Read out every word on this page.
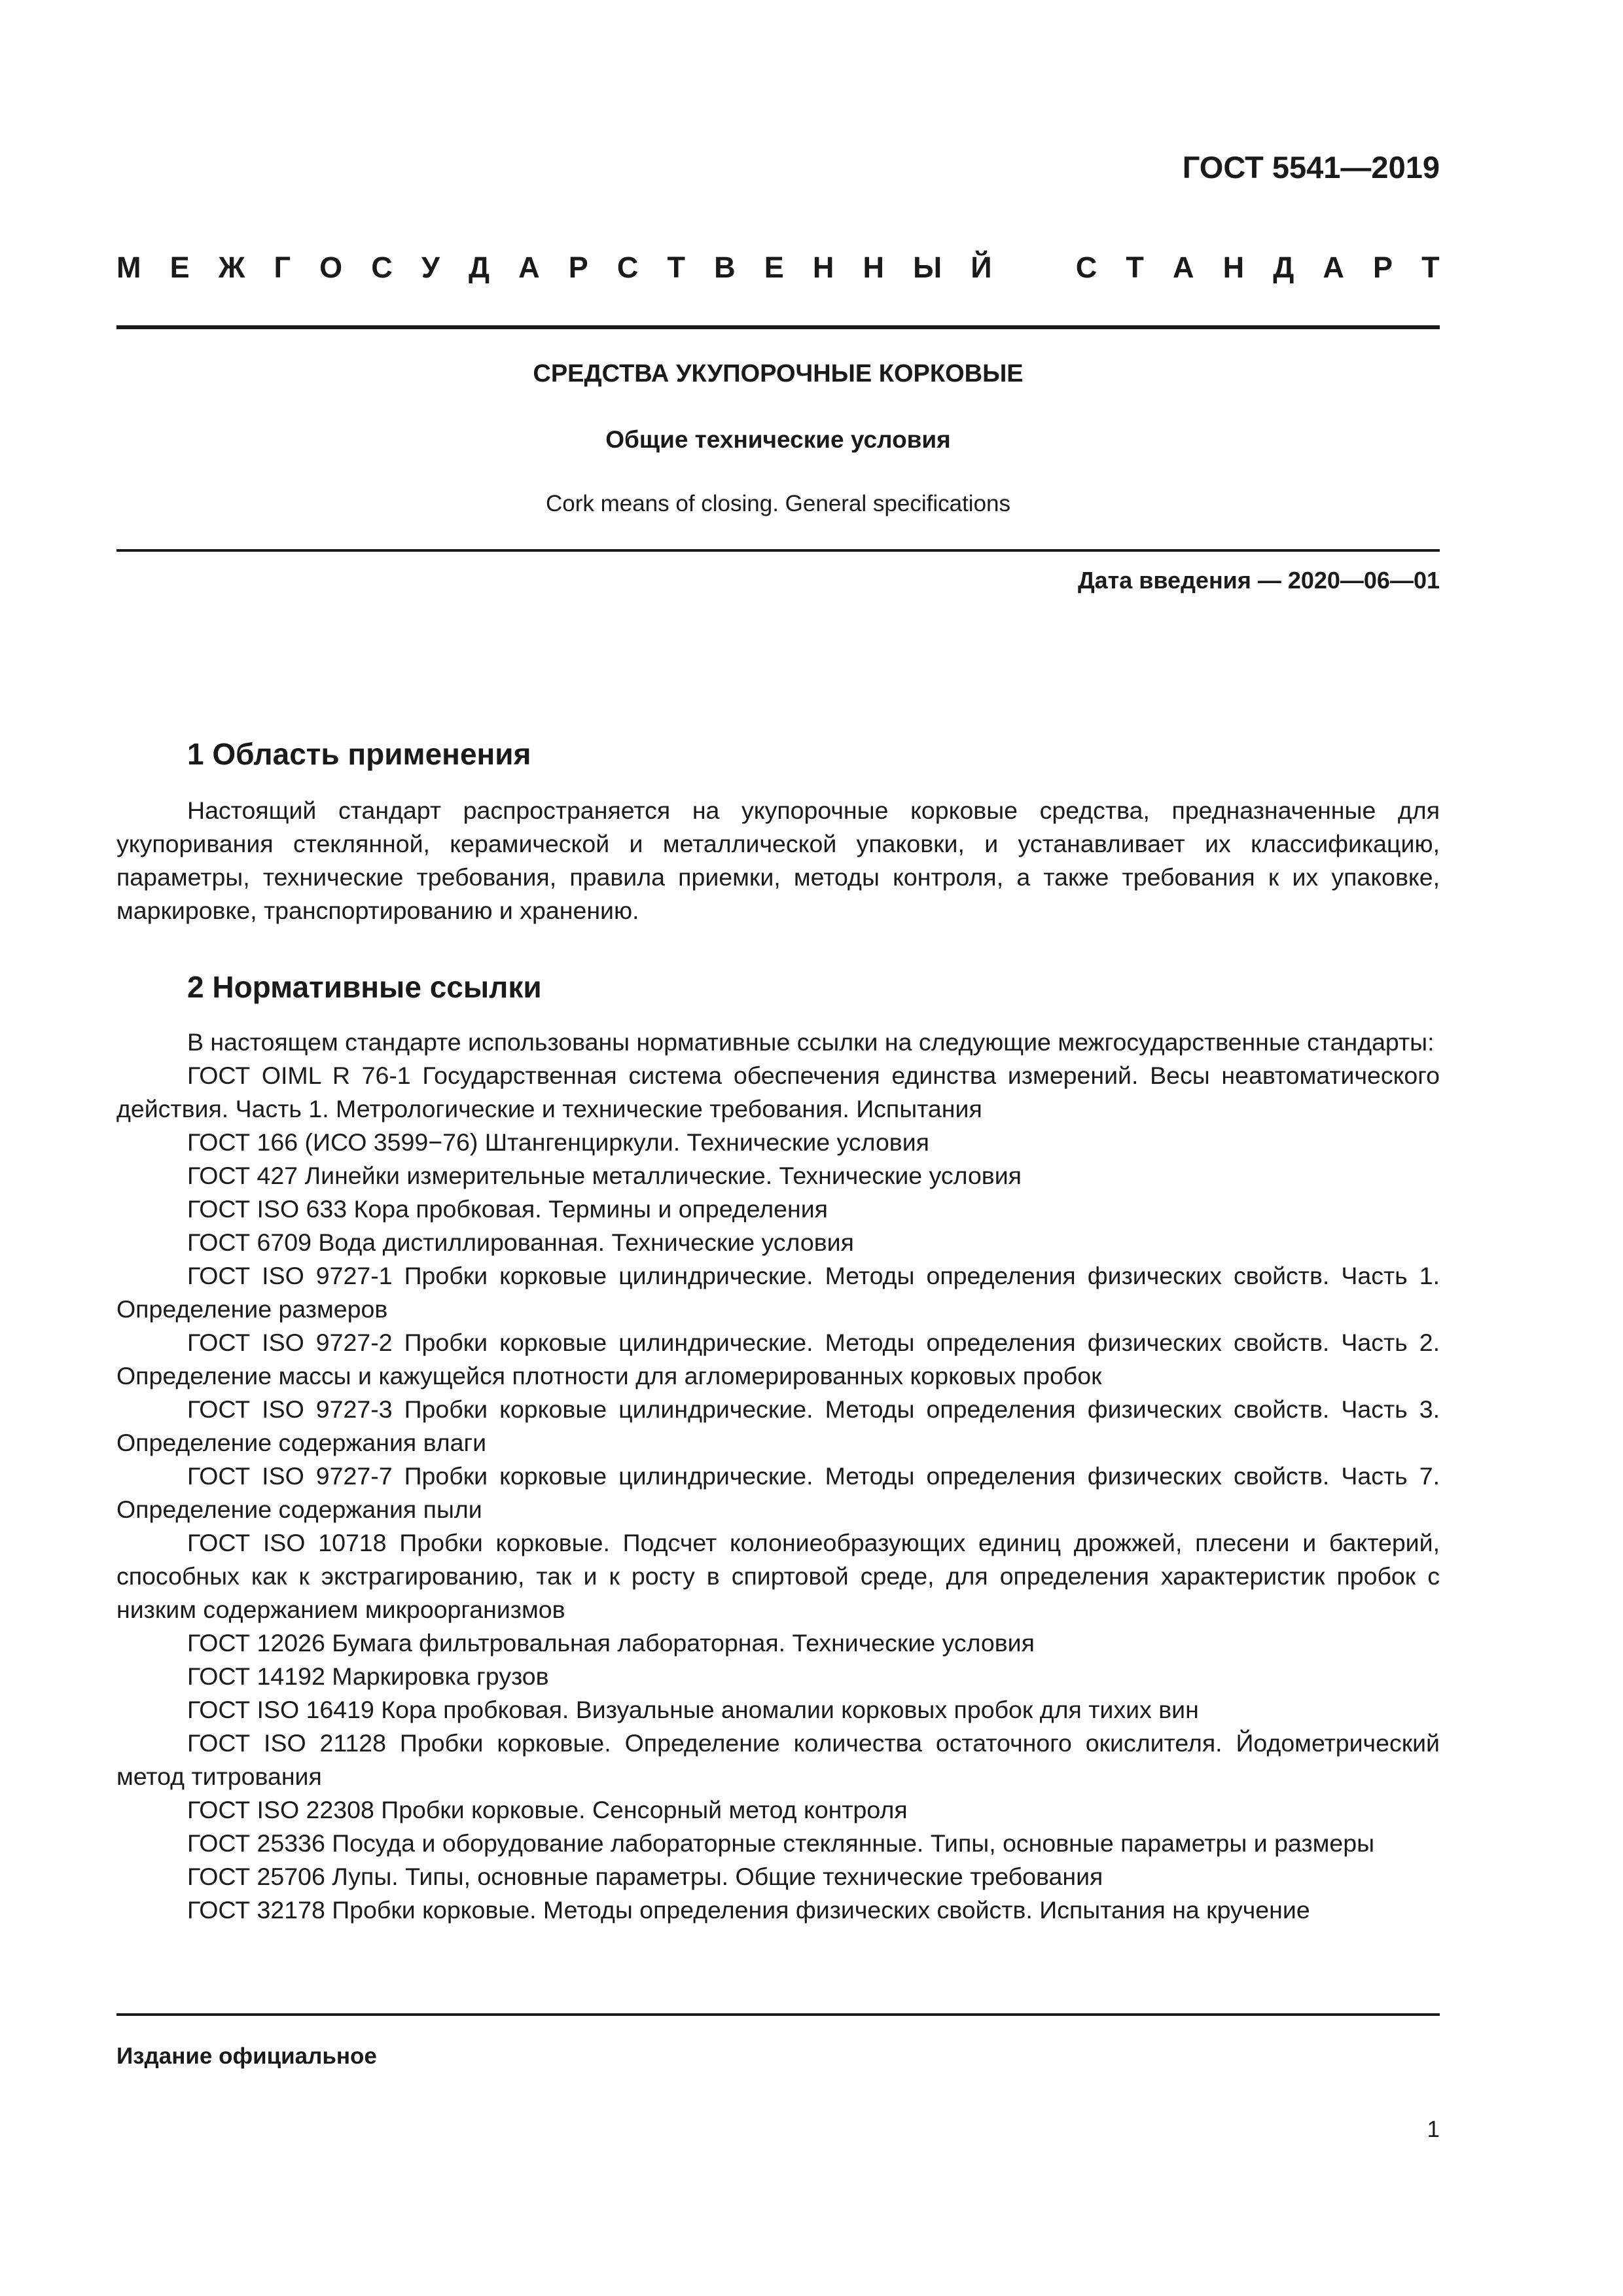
ГОСТ 5541—2019
М Е Ж Г О С У Д А Р С Т В Е Н Н Ы Й	С Т А Н Д А Р Т
СРЕДСТВА УКУПОРОЧНЫЕ КОРКОВЫЕ
Общие технические условия
Cork means of closing. General specifications
Дата введения — 2020—06—01
1 Область применения

Настоящий стандарт распространяется на укупорочные корковые средства, предназначенные для укупоривания стеклянной, керамической и металлической упаковки, и устанавливает их классификацию, параметры, технические требования, правила приемки, методы контроля, а также требования к их упаковке, маркировке, транспортированию и хранению.

2 Нормативные ссылки

В настоящем стандарте использованы нормативные ссылки на следующие межгосударственные стандарты:

ГОСТ OIML R 76-1 Государственная система обеспечения единства измерений. Весы неавтоматического действия. Часть 1. Метрологические и технические требования. Испытания

ГОСТ 166 (ИСО 3599−76) Штангенциркули. Технические условия

ГОСТ 427 Линейки измерительные металлические. Технические условия

ГОСТ ISO 633 Кора пробковая. Термины и определения

ГОСТ 6709 Вода дистиллированная. Технические условия

ГОСТ ISO 9727-1 Пробки корковые цилиндрические. Методы определения физических свойств. Часть 1. Определение размеров

ГОСТ ISO 9727-2 Пробки корковые цилиндрические. Методы определения физических свойств. Часть 2. Определение массы и кажущейся плотности для агломерированных корковых пробок

ГОСТ ISO 9727-3 Пробки корковые цилиндрические. Методы определения физических свойств. Часть 3. Определение содержания влаги

ГОСТ ISO 9727-7 Пробки корковые цилиндрические. Методы определения физических свойств. Часть 7. Определение содержания пыли

ГОСТ ISO 10718 Пробки корковые. Подсчет колониеобразующих единиц дрожжей, плесени и бактерий, способных как к экстрагированию, так и к росту в спиртовой среде, для определения характеристик пробок с низким содержанием микроорганизмов

ГОСТ 12026 Бумага фильтровальная лабораторная. Технические условия

ГОСТ 14192 Маркировка грузов

ГОСТ ISO 16419 Кора пробковая. Визуальные аномалии корковых пробок для тихих вин

ГОСТ ISO 21128 Пробки корковые. Определение количества остаточного окислителя. Йодометрический метод титрования

ГОСТ ISO 22308 Пробки корковые. Сенсорный метод контроля

ГОСТ 25336 Посуда и оборудование лабораторные стеклянные. Типы, основные параметры и размеры

ГОСТ 25706 Лупы. Типы, основные параметры. Общие технические требования

ГОСТ 32178 Пробки корковые. Методы определения физических свойств. Испытания на кручение

Издание официальное
1
